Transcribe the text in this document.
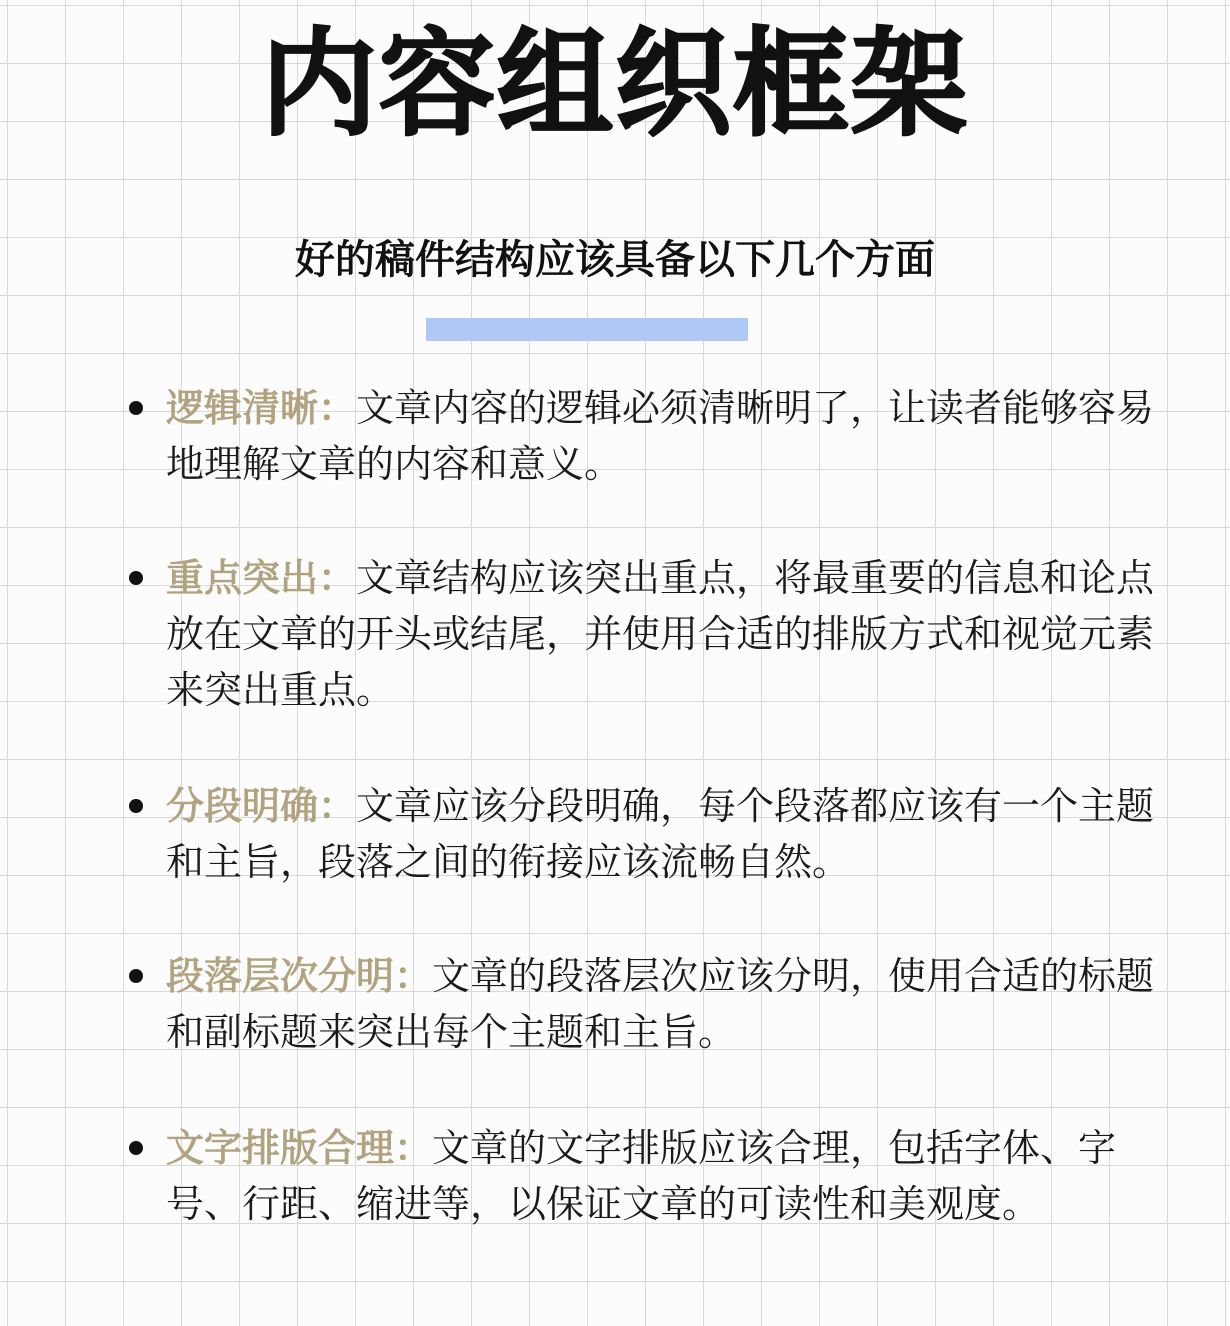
内容组织框架
好的稿件结构应该具备以下几个方面
逻辑清晰：文章内容的逻辑必须清晰明了，让读者能够容易地理解文章的内容和意义。
重点突出：文章结构应该突出重点，将最重要的信息和论点放在文章的开头或结尾，并使用合适的排版方式和视觉元素来突出重点。
分段明确：文章应该分段明确，每个段落都应该有一个主题和主旨，段落之间的衔接应该流畅自然。
段落层次分明：文章的段落层次应该分明，使用合适的标题和副标题来突出每个主题和主旨。
文字排版合理：文章的文字排版应该合理，包括字体、字号、行距、缩进等，以保证文章的可读性和美观度。
